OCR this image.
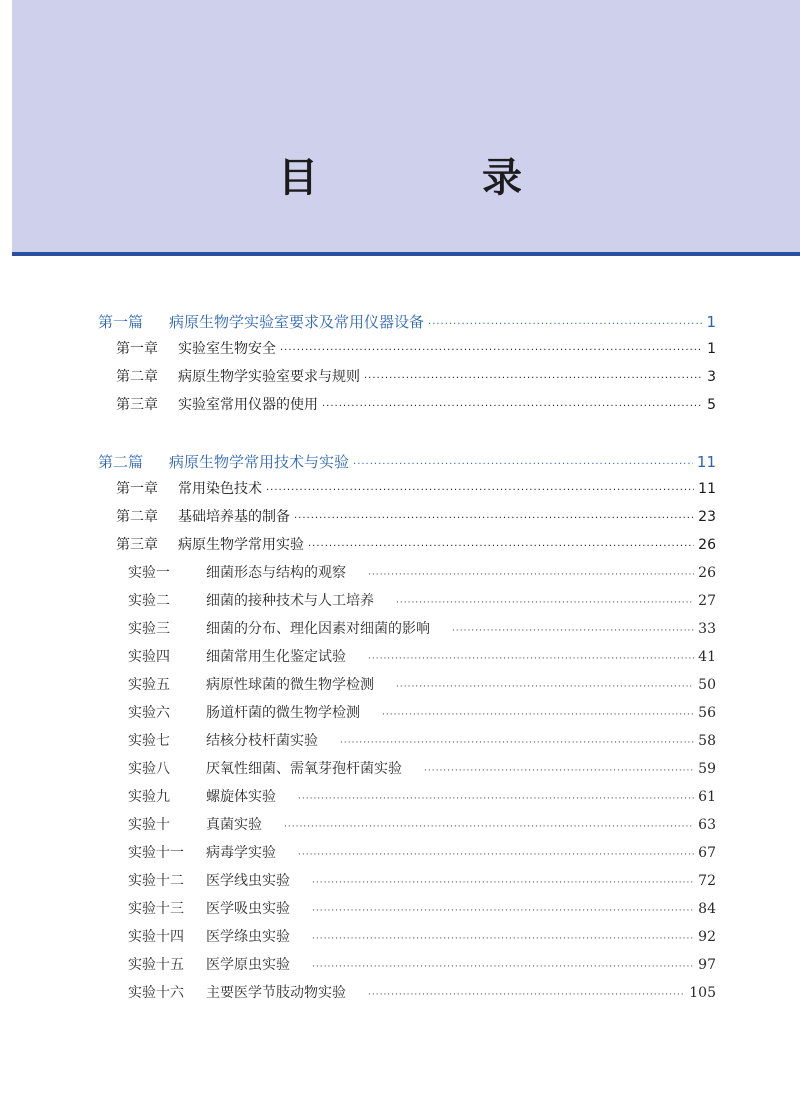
目　录
第一篇	病原生物学实验室要求及常用仪器设备 ·····	1
第一章	实验室生物安全 ·····	1
第二章	病原生物学实验室要求与规则 ·····	3
第三章	实验室常用仪器的使用 ·····	5
第二篇	病原生物学常用技术与实验 ·····	11
第一章	常用染色技术 ·····	11
第二章	基础培养基的制备 ·····	23
第三章	病原生物学常用实验 ·····	26
实验一	细菌形态与结构的观察 ·····	26
实验二	细菌的接种技术与人工培养 ·····	27
实验三	细菌的分布、理化因素对细菌的影响 ·····	33
实验四	细菌常用生化鉴定试验 ·····	41
实验五	病原性球菌的微生物学检测 ·····	50
实验六	肠道杆菌的微生物学检测 ·····	56
实验七	结核分枝杆菌实验 ·····	58
实验八	厌氧性细菌、需氧芽孢杆菌实验 ·····	59
实验九	螺旋体实验 ·····	61
实验十	真菌实验 ·····	63
实验十一	病毒学实验 ·····	67
实验十二	医学线虫实验 ·····	72
实验十三	医学吸虫实验 ·····	84
实验十四	医学绦虫实验 ·····	92
实验十五	医学原虫实验 ·····	97
实验十六	主要医学节肢动物实验 ·····	105
